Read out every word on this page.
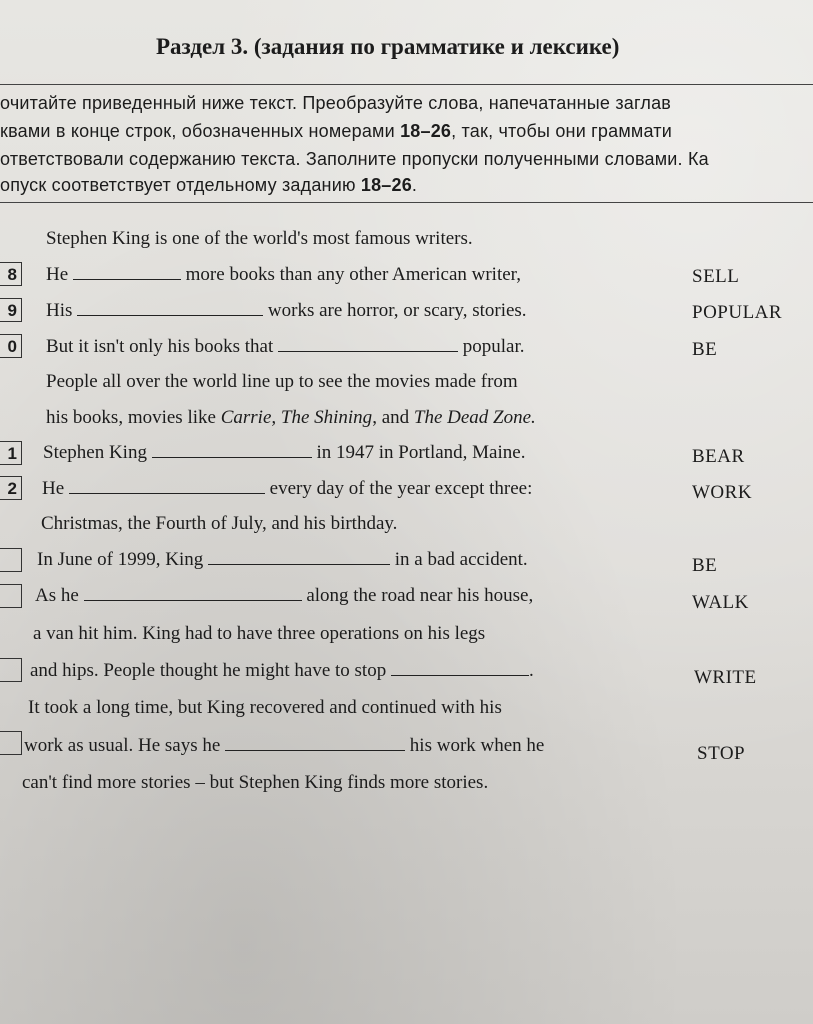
Раздел 3. (задания по грамматике и лексике)
очитайте приведенный ниже текст. Преобразуйте слова, напечатанные заглав
квами в конце строк, обозначенных номерами 18–26, так, чтобы они граммати
ответствовали содержанию текста. Заполните пропуски полученными словами. Ка
опуск соответствует отдельному заданию 18–26.
Stephen King is one of the world's most famous writers.
8 He	more books than any other American writer,	SELL
9 His	works are horror, or scary, stories.	POPULAR
0 But it isn't only his books that	popular.	BE
People all over the world line up to see the movies made from
his books, movies like Carrie, The Shining, and The Dead Zone.
1 Stephen King	in 1947 in Portland, Maine.	BEAR
2 He	every day of the year except three:	WORK
Christmas, the Fourth of July, and his birthday.
In June of 1999, King	in a bad accident.	BE
As he	along the road near his house,	WALK
a van hit him. King had to have three operations on his legs
and hips. People thought he might have to stop	.	WRITE
It took a long time, but King recovered and continued with his
work as usual. He says he	his work when he	STOP
can't find more stories – but Stephen King finds more stories.
